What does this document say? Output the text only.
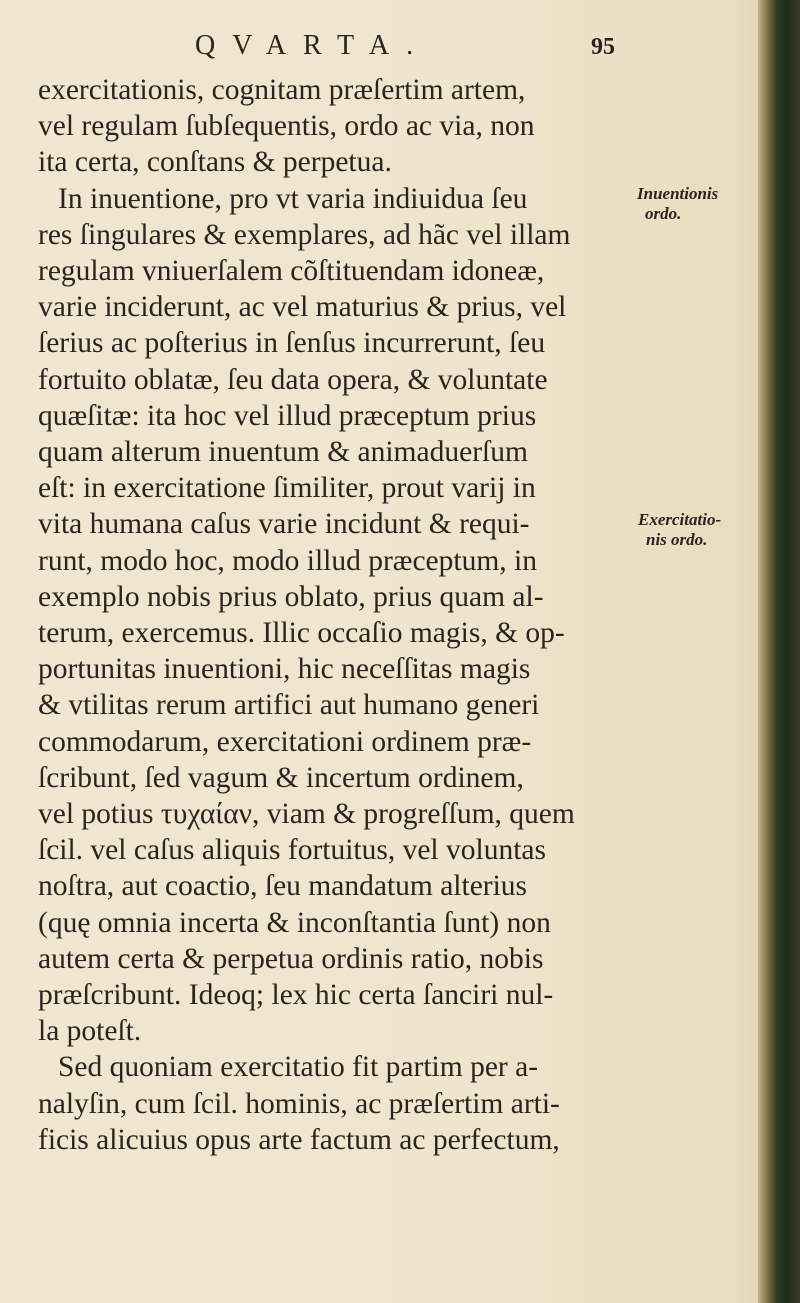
QVARTA.	95
exercitationis, cognitam præſertim artem,
vel regulam ſubſequentis, ordo ac via, non
ita certa, conſtans & perpetua.
In inuentione, pro vt varia indiuidua ſeu
res ſingulares & exemplares, ad hãc vel illam
regulam vniuerſalem cõſtituendam idoneæ,
varie inciderunt, ac vel maturius & prius, vel
ſerius ac poſterius in ſenſus incurrerunt, ſeu
fortuito oblatæ, ſeu data opera, & voluntate
quæſitæ: ita hoc vel illud præceptum prius
quam alterum inuentum & animaduerſum
eſt: in exercitatione ſimiliter, prout varij in
vita humana caſus varie incidunt & requi-
runt, modo hoc, modo illud præceptum, in
exemplo nobis prius oblato, prius quam al-
terum, exercemus. Illic occaſio magis, & op-
portunitas inuentioni, hic neceſſitas magis
& vtilitas rerum artifici aut humano generi
commodarum, exercitationi ordinem præ-
ſcribunt, ſed vagum & incertum ordinem,
vel potius τυχαίαν, viam & progreſſum, quem
ſcil. vel caſus aliquis fortuitus, vel voluntas
noſtra, aut coactio, ſeu mandatum alterius
(quę omnia incerta & inconſtantia ſunt) non
autem certa & perpetua ordinis ratio, nobis
præſcribunt. Ideoq; lex hic certa ſanciri nul-
la poteſt.
Sed quoniam exercitatio fit partim per a-
nalyſin, cum ſcil. hominis, ac præſertim arti-
ficis alicuius opus arte factum ac perfectum,
Inuentionis
ordo.
Exercitatio-
nis ordo.
